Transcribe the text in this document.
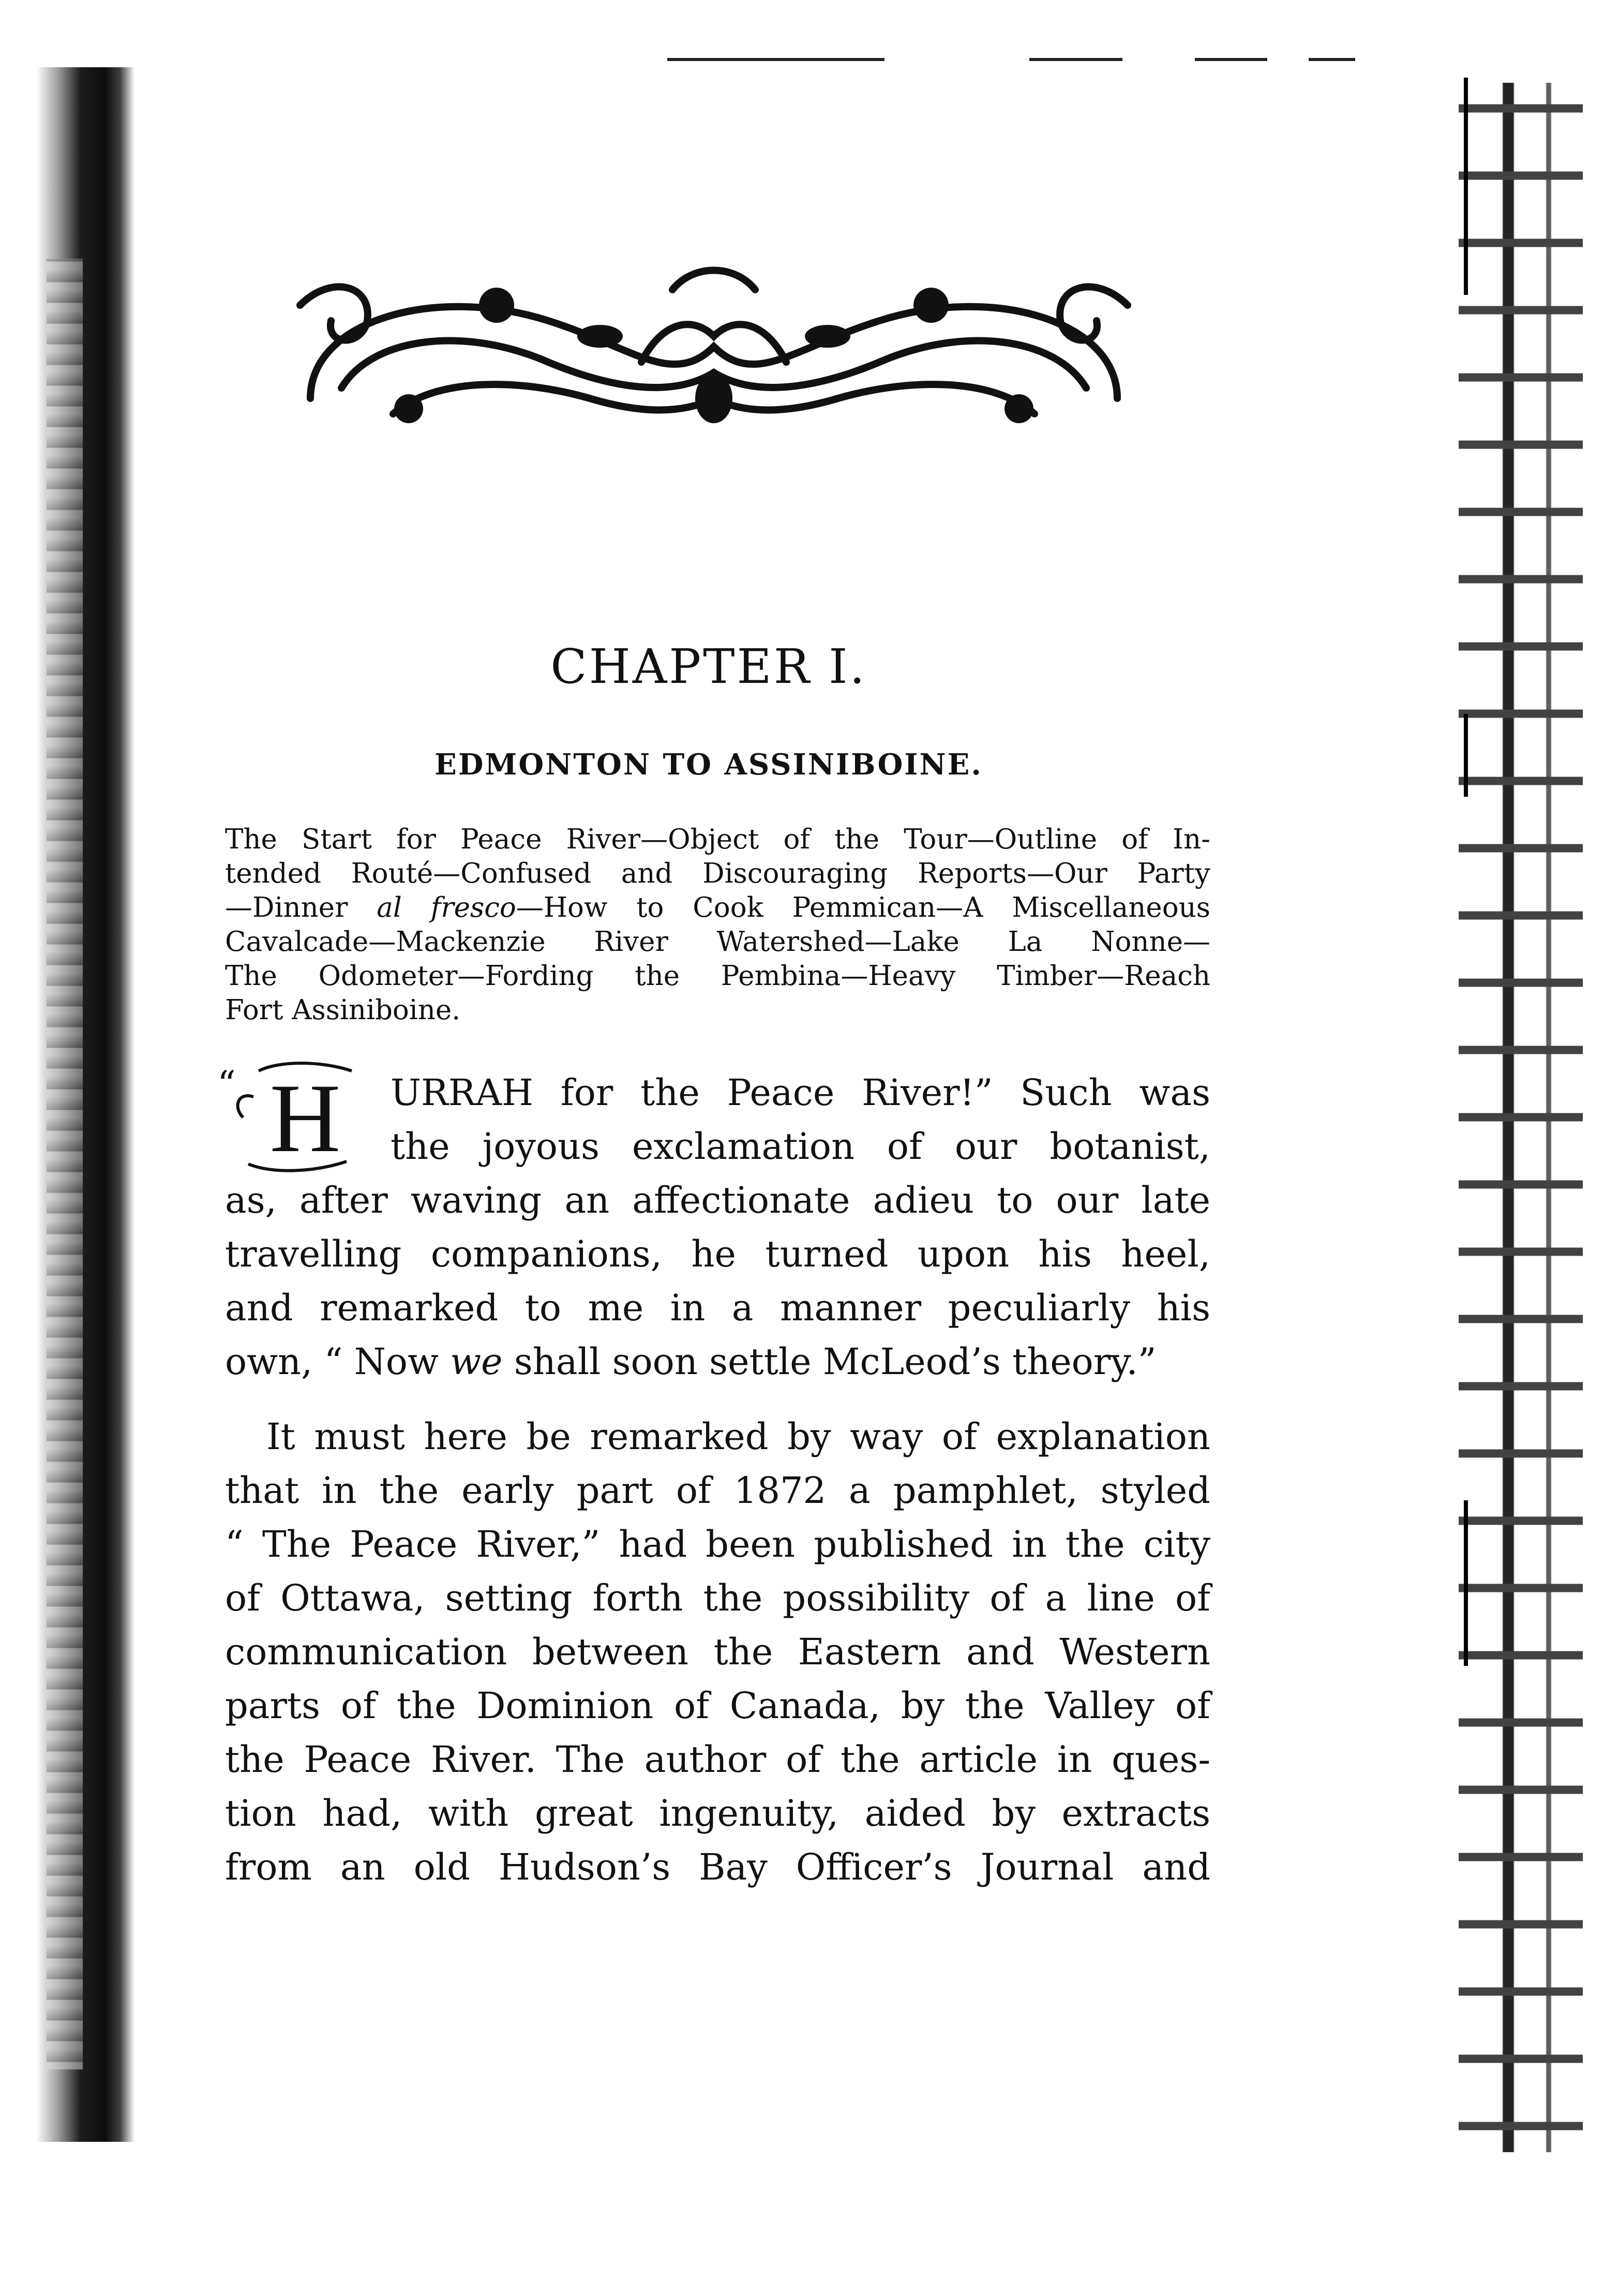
CHAPTER I.
EDMONTON TO ASSINIBOINE.
The Start for Peace River—Object of the Tour—Outline of In-
tended Routé—Confused and Discouraging Reports—Our Party
—Dinner al fresco—How to Cook Pemmican—A Miscellaneous
Cavalcade—Mackenzie River Watershed—Lake La Nonne—
The Odometer—Fording the Pembina—Heavy Timber—Reach
Fort Assiniboine.
“ H	URRAH for the Peace River!” Such was
the joyous exclamation of our botanist,
as, after waving an affectionate adieu to our late
travelling companions, he turned upon his heel,
and remarked to me in a manner peculiarly his
own, “ Now we shall soon settle McLeod’s theory.”
It must here be remarked by way of explanation
that in the early part of 1872 a pamphlet, styled
“ The Peace River,” had been published in the city
of Ottawa, setting forth the possibility of a line of
communication between the Eastern and Western
parts of the Dominion of Canada, by the Valley of
the Peace River. The author of the article in ques-
tion had, with great ingenuity, aided by extracts
from an old Hudson’s Bay Officer’s Journal and
